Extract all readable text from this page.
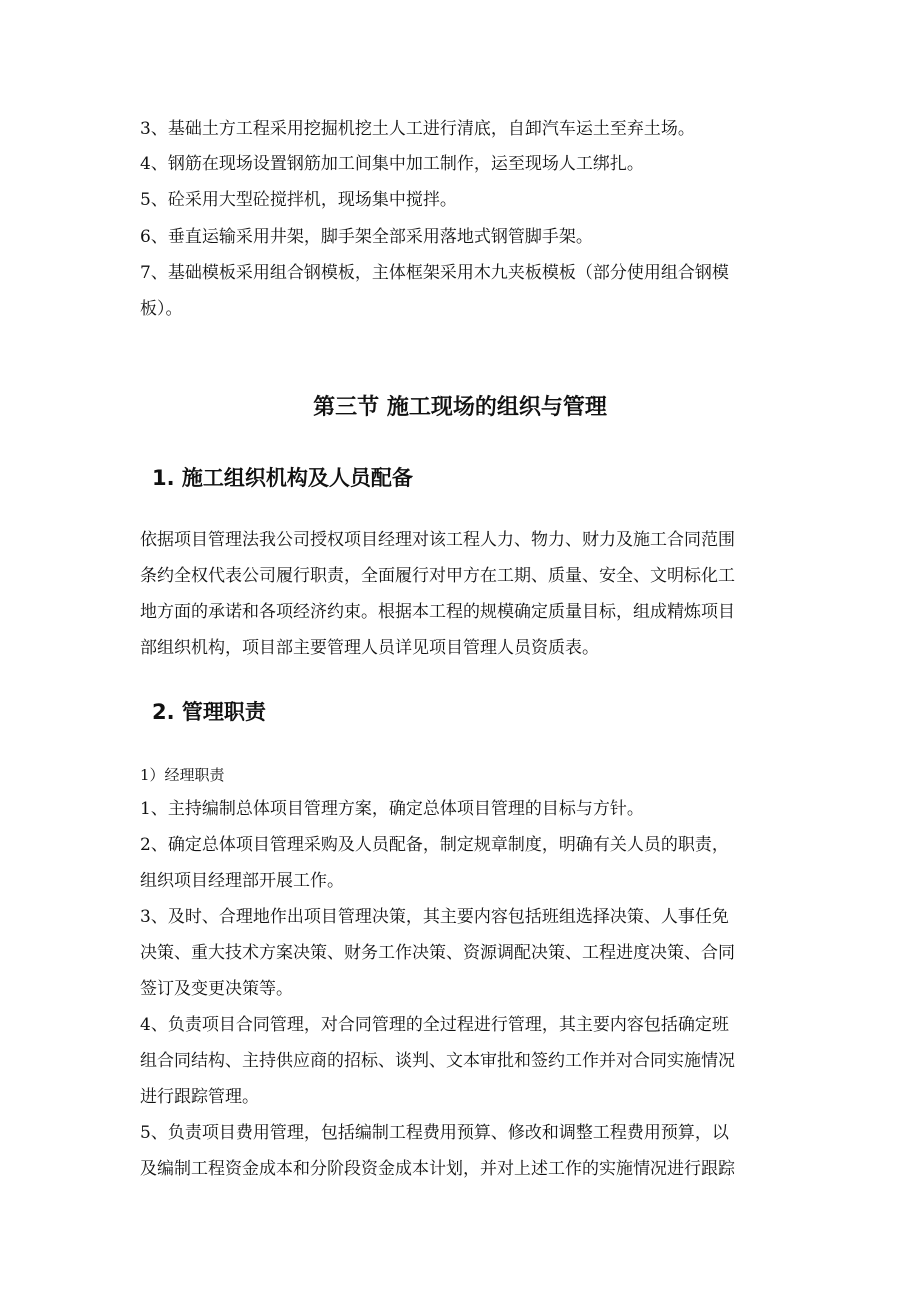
3、基础土方工程采用挖掘机挖土人工进行清底，自卸汽车运土至弃土场。

4、钢筋在现场设置钢筋加工间集中加工制作，运至现场人工绑扎。

5、砼采用大型砼搅拌机，现场集中搅拌。

6、垂直运输采用井架，脚手架全部采用落地式钢管脚手架。

7、基础模板采用组合钢模板，主体框架采用木九夹板模板（部分使用组合钢模

板）。

第三节 施工现场的组织与管理
1. 施工组织机构及人员配备

依据项目管理法我公司授权项目经理对该工程人力、物力、财力及施工合同范围

条约全权代表公司履行职责，全面履行对甲方在工期、质量、安全、文明标化工

地方面的承诺和各项经济约束。根据本工程的规模确定质量目标，组成精炼项目

部组织机构，项目部主要管理人员详见项目管理人员资质表。

2. 管理职责

1）经理职责

1、主持编制总体项目管理方案，确定总体项目管理的目标与方针。

2、确定总体项目管理采购及人员配备，制定规章制度，明确有关人员的职责，

组织项目经理部开展工作。

3、及时、合理地作出项目管理决策，其主要内容包括班组选择决策、人事任免

决策、重大技术方案决策、财务工作决策、资源调配决策、工程进度决策、合同

签订及变更决策等。

4、负责项目合同管理，对合同管理的全过程进行管理，其主要内容包括确定班

组合同结构、主持供应商的招标、谈判、文本审批和签约工作并对合同实施情况

进行跟踪管理。

5、负责项目费用管理，包括编制工程费用预算、修改和调整工程费用预算，以

及编制工程资金成本和分阶段资金成本计划，并对上述工作的实施情况进行跟踪
